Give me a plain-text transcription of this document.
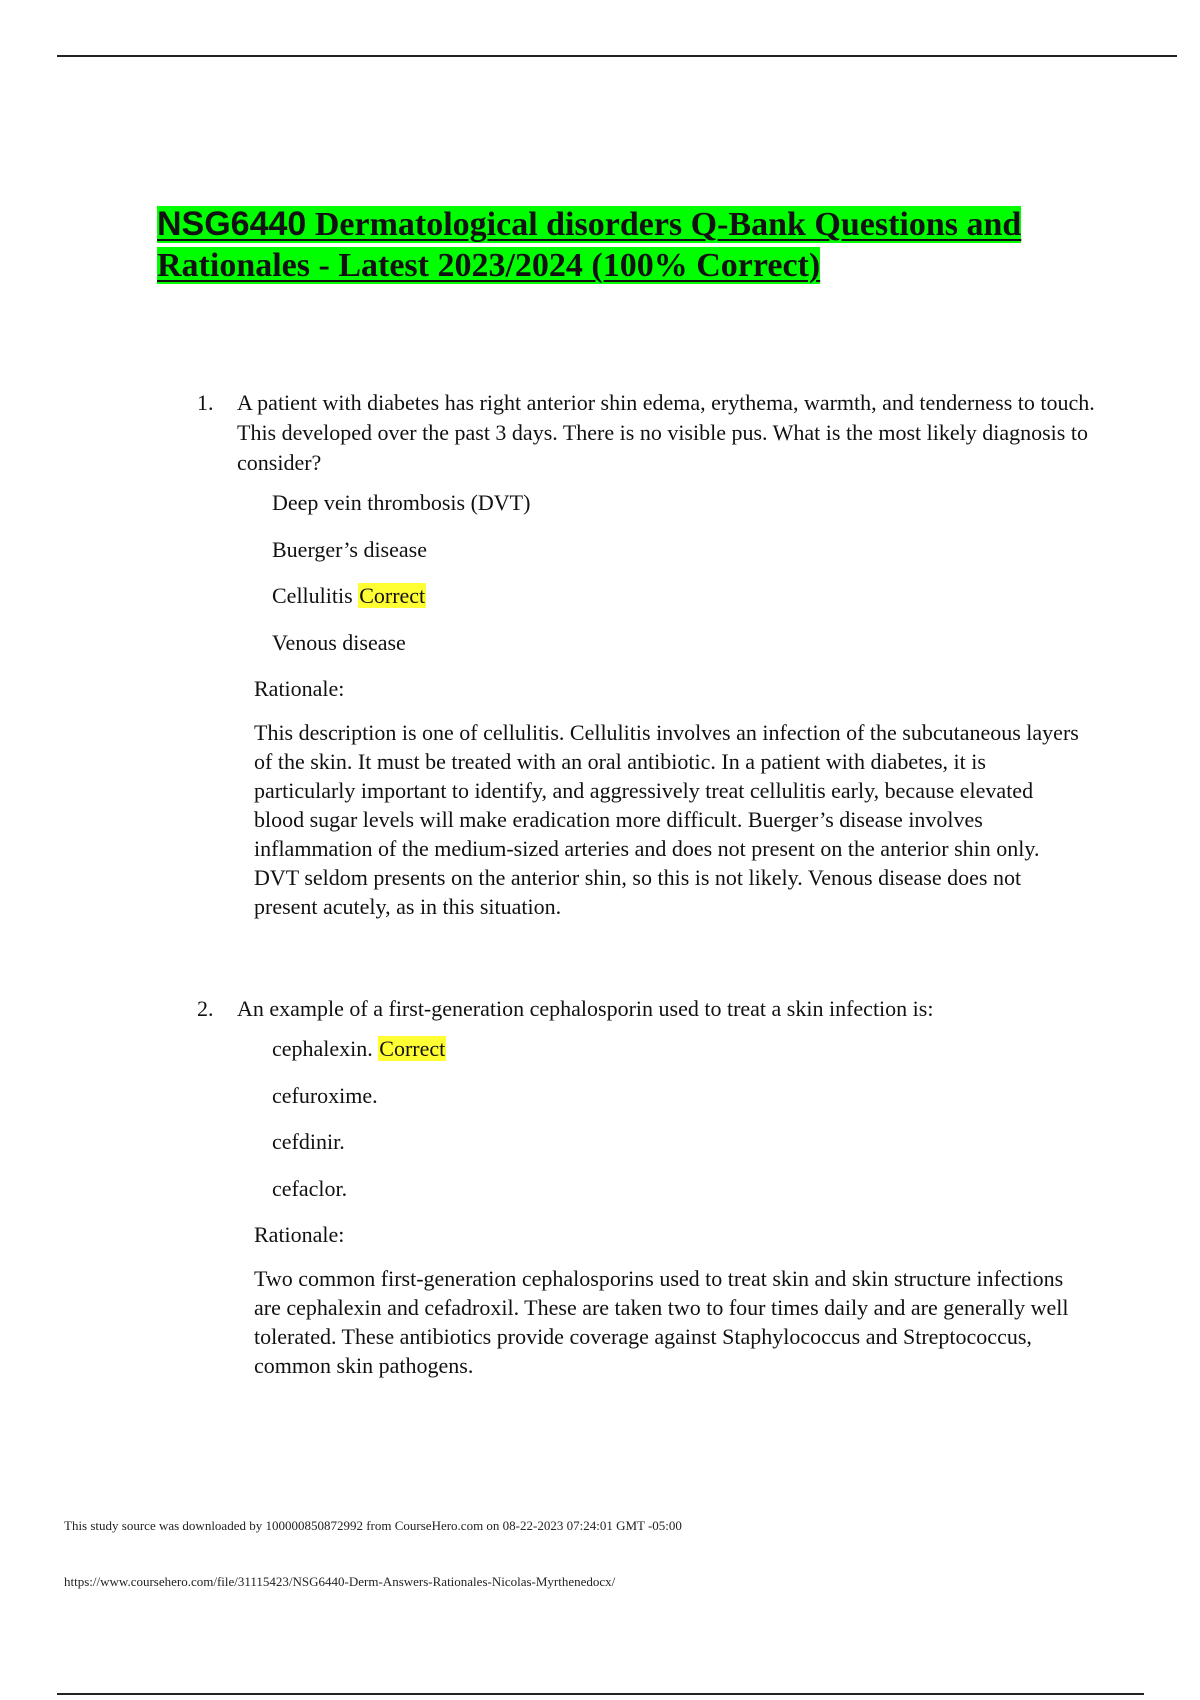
NSG6440 Dermatological disorders Q-Bank Questions and Rationales - Latest 2023/2024 (100% Correct)

1. A patient with diabetes has right anterior shin edema, erythema, warmth, and tenderness to touch. This developed over the past 3 days. There is no visible pus. What is the most likely diagnosis to consider?

Deep vein thrombosis (DVT)
Buerger’s disease
Cellulitis Correct
Venous disease

Rationale:

This description is one of cellulitis. Cellulitis involves an infection of the subcutaneous layers of the skin. It must be treated with an oral antibiotic. In a patient with diabetes, it is particularly important to identify, and aggressively treat cellulitis early, because elevated blood sugar levels will make eradication more difficult. Buerger’s disease involves inflammation of the medium-sized arteries and does not present on the anterior shin only. DVT seldom presents on the anterior shin, so this is not likely. Venous disease does not present acutely, as in this situation.

2. An example of a first-generation cephalosporin used to treat a skin infection is:

cephalexin. Correct
cefuroxime.
cefdinir.
cefaclor.

Rationale:

Two common first-generation cephalosporins used to treat skin and skin structure infections are cephalexin and cefadroxil. These are taken two to four times daily and are generally well tolerated. These antibiotics provide coverage against Staphylococcus and Streptococcus, common skin pathogens.

This study source was downloaded by 100000850872992 from CourseHero.com on 08-22-2023 07:24:01 GMT -05:00
https://www.coursehero.com/file/31115423/NSG6440-Derm-Answers-Rationales-Nicolas-Myrthenedocx/
